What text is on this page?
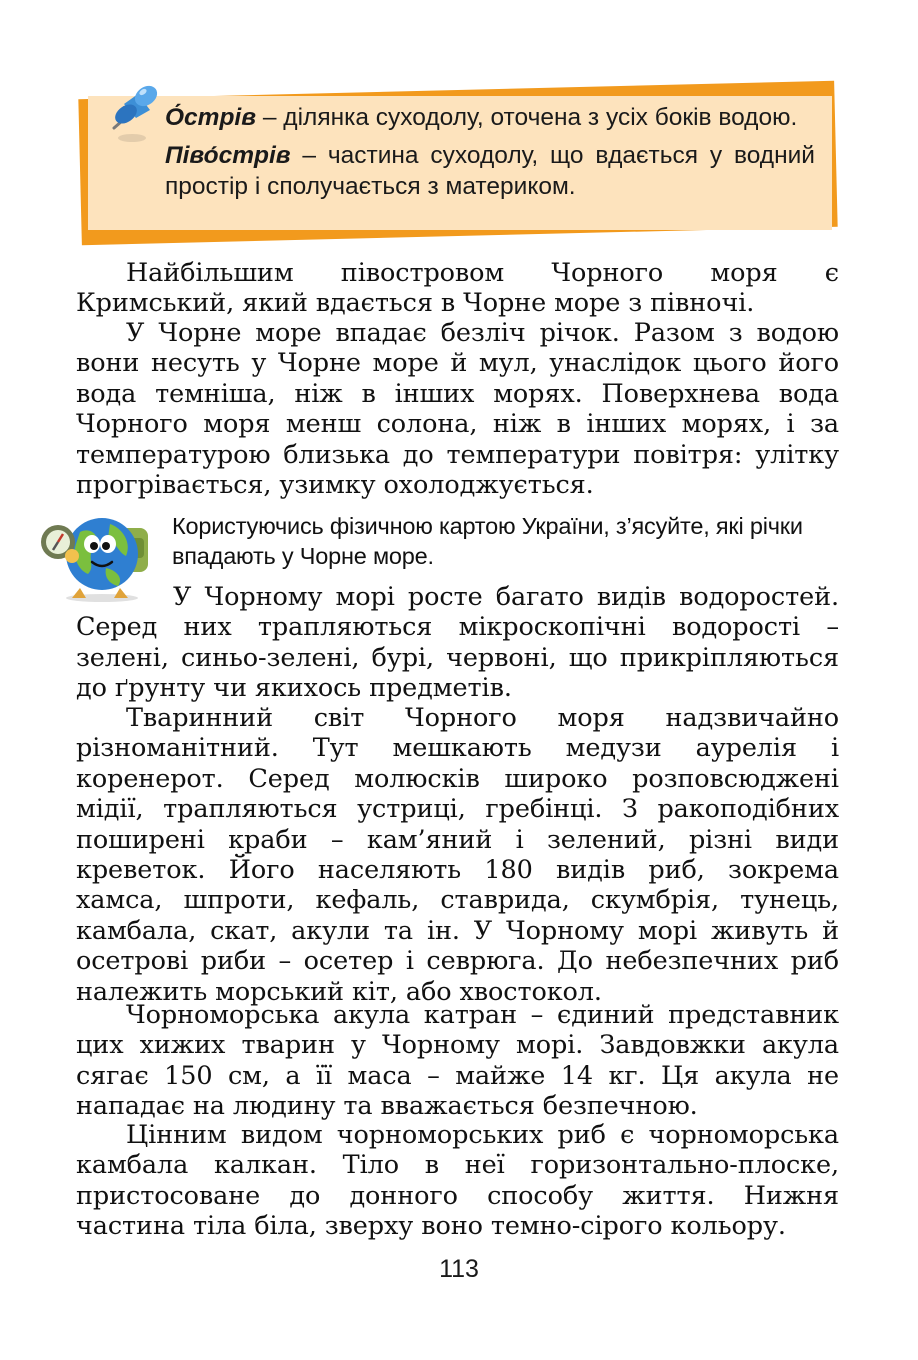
О́стрів – ділянка суходолу, оточена з усіх боків водою.

Піво́стрів – частина суходолу, що вдається у водний простір і сполучається з материком.

Найбільшим півостровом Чорного моря є Кримський, який вдається в Чорне море з півночі.

У Чорне море впадає безліч річок. Разом з водою вони несуть у Чорне море й мул, унаслідок цього його вода темніша, ніж в інших морях. Поверхнева вода Чорного моря менш солона, ніж в інших морях, і за температурою близька до температури повітря: улітку прогрівається, узимку охолоджується.

Користуючись фізичною картою України, з’ясуйте, які річки впадають у Чорне море.

У Чорному морі росте багато видів водоростей. Серед них трапляються мікроскопічні водорості – зелені, синьо-зелені, бурі, червоні, що прикріпляються до ґрунту чи якихось предметів.

Тваринний світ Чорного моря надзвичайно різноманітний. Тут мешкають медузи аурелія і коренерот. Серед молюсків широко розповсюджені мідії, трапляються устриці, гребінці. З ракоподібних поширені краби – кам’яний і зелений, різні види креветок. Його населяють 180 видів риб, зокрема хамса, шпроти, кефаль, ставрида, скумбрія, тунець, камбала, скат, акули та ін. У Чорному морі живуть й осетрові риби – осетер і севрюга. До небезпечних риб належить морський кіт, або хвостокол.

Чорноморська акула катран – єдиний представник цих хижих тварин у Чорному морі. Завдовжки акула сягає 150 см, а її маса – майже 14 кг. Ця акула не нападає на людину та вважається безпечною.

Цінним видом чорноморських риб є чорноморська камбала калкан. Тіло в неї горизонтально-плоске, пристосоване до донного способу життя. Нижня частина тіла біла, зверху воно темно-сірого кольору.

113
